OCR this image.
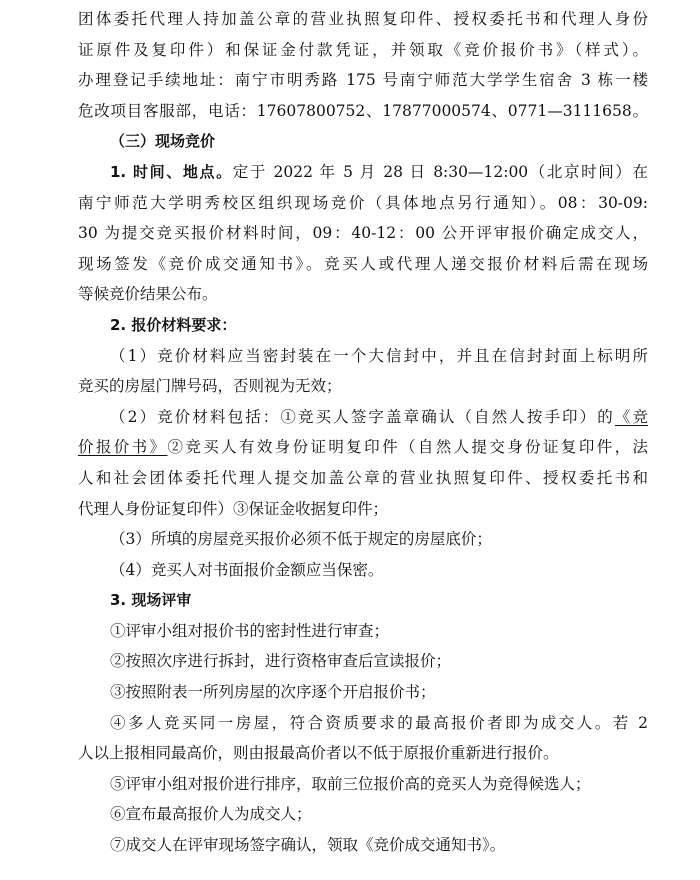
团体委托代理人持加盖公章的营业执照复印件、授权委托书和代理人身份
证原件及复印件）和保证金付款凭证，并领取《竞价报价书》（样式）。
办理登记手续地址：南宁市明秀路 175 号南宁师范大学学生宿舍 3 栋一楼
危改项目客服部，电话：17607800752、17877000574、0771—3111658。
（三）现场竞价
1. 时间、地点。定于 2022 年 5 月 28 日 8:30—12:00（北京时间）在
南宁师范大学明秀校区组织现场竞价（具体地点另行通知）。08：30-09:
30 为提交竞买报价材料时间，09：40-12：00 公开评审报价确定成交人，
现场签发《竞价成交通知书》。竞买人或代理人递交报价材料后需在现场
等候竞价结果公布。
2. 报价材料要求：
（1）竞价材料应当密封装在一个大信封中，并且在信封封面上标明所
竞买的房屋门牌号码，否则视为无效；
（2）竞价材料包括：①竞买人签字盖章确认（自然人按手印）的《竞
价报价书》②竞买人有效身份证明复印件（自然人提交身份证复印件，法
人和社会团体委托代理人提交加盖公章的营业执照复印件、授权委托书和
代理人身份证复印件）③保证金收据复印件；
（3）所填的房屋竞买报价必须不低于规定的房屋底价；
（4）竞买人对书面报价金额应当保密。
3. 现场评审
①评审小组对报价书的密封性进行审查；
②按照次序进行拆封，进行资格审查后宣读报价；
③按照附表一所列房屋的次序逐个开启报价书；
④多人竞买同一房屋，符合资质要求的最高报价者即为成交人。若 2
人以上报相同最高价，则由报最高价者以不低于原报价重新进行报价。
⑤评审小组对报价进行排序，取前三位报价高的竞买人为竞得候选人；
⑥宣布最高报价人为成交人；
⑦成交人在评审现场签字确认，领取《竞价成交通知书》。
